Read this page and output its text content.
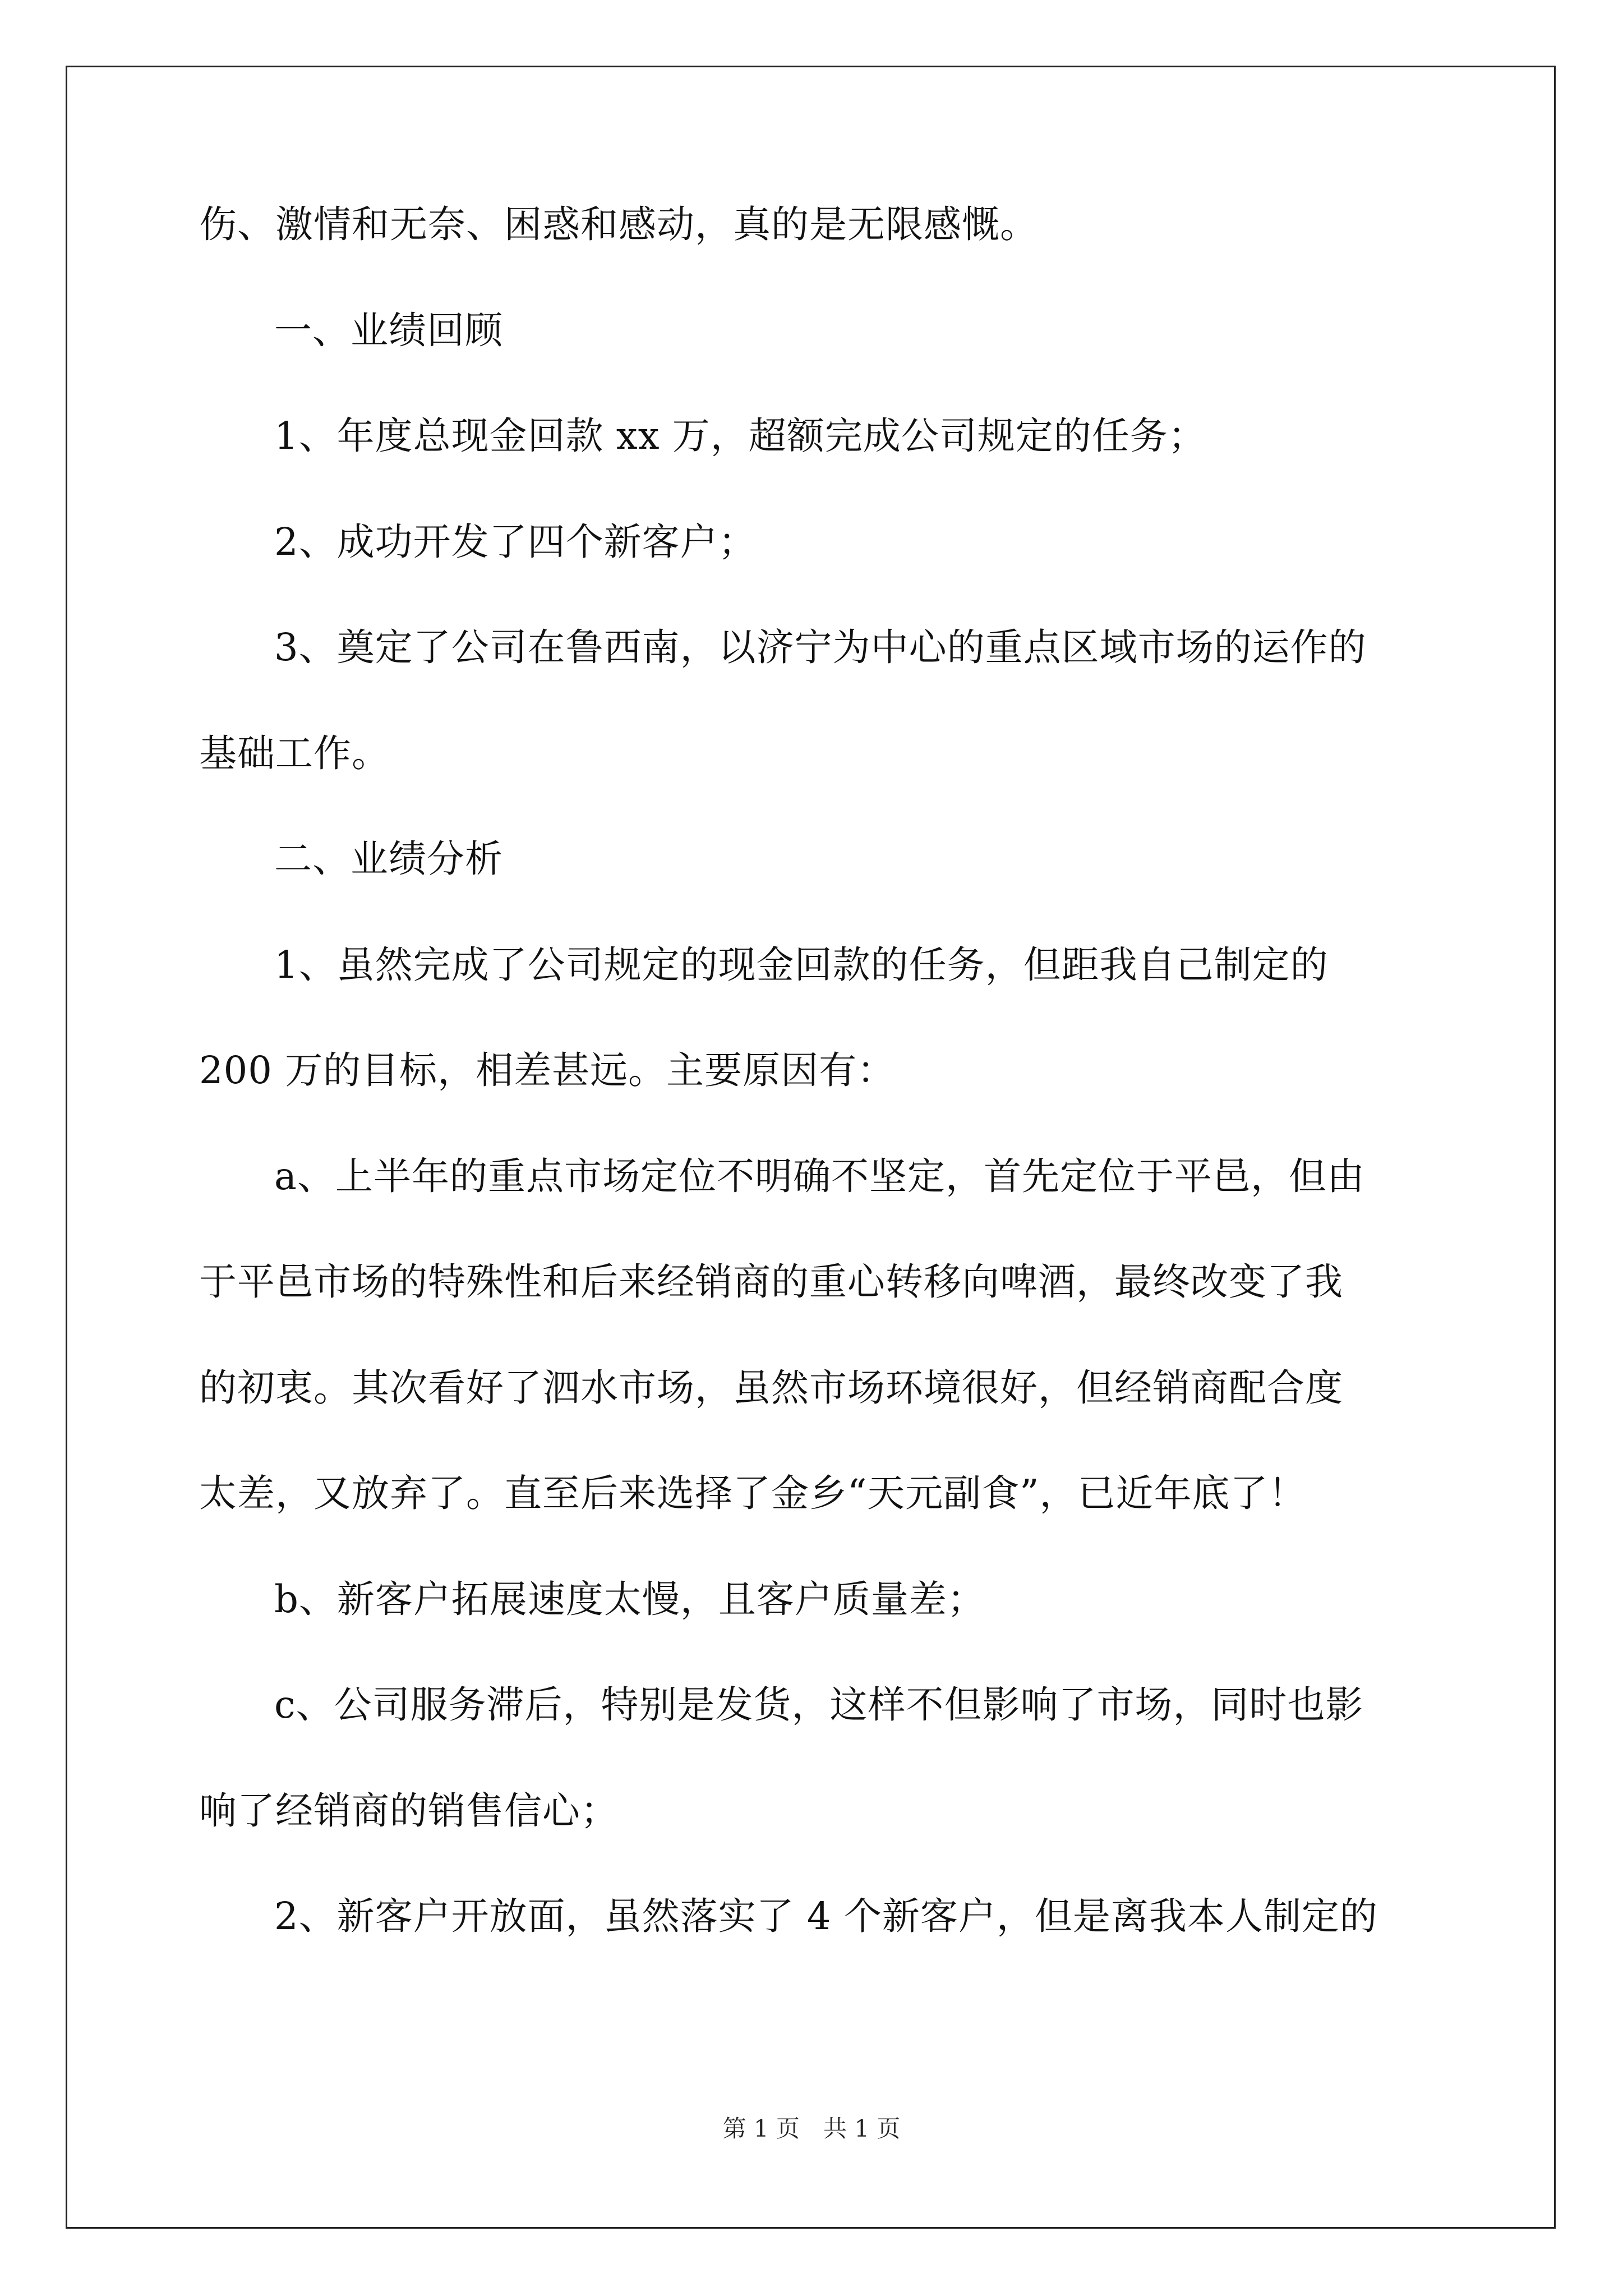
伤、激情和无奈、困惑和感动，真的是无限感慨。
一、业绩回顾
1、年度总现金回款 xx 万，超额完成公司规定的任务；
2、成功开发了四个新客户；
3、奠定了公司在鲁西南，以济宁为中心的重点区域市场的运作的
基础工作。
二、业绩分析
1、虽然完成了公司规定的现金回款的任务，但距我自己制定的
200 万的目标，相差甚远。主要原因有：
a、上半年的重点市场定位不明确不坚定，首先定位于平邑，但由
于平邑市场的特殊性和后来经销商的重心转移向啤酒，最终改变了我
的初衷。其次看好了泗水市场，虽然市场环境很好，但经销商配合度
太差，又放弃了。直至后来选择了金乡“天元副食”，已近年底了！
b、新客户拓展速度太慢，且客户质量差；
c、公司服务滞后，特别是发货，这样不但影响了市场，同时也影
响了经销商的销售信心；
2、新客户开放面，虽然落实了 4 个新客户，但是离我本人制定的
第 1 页　共 1 页
